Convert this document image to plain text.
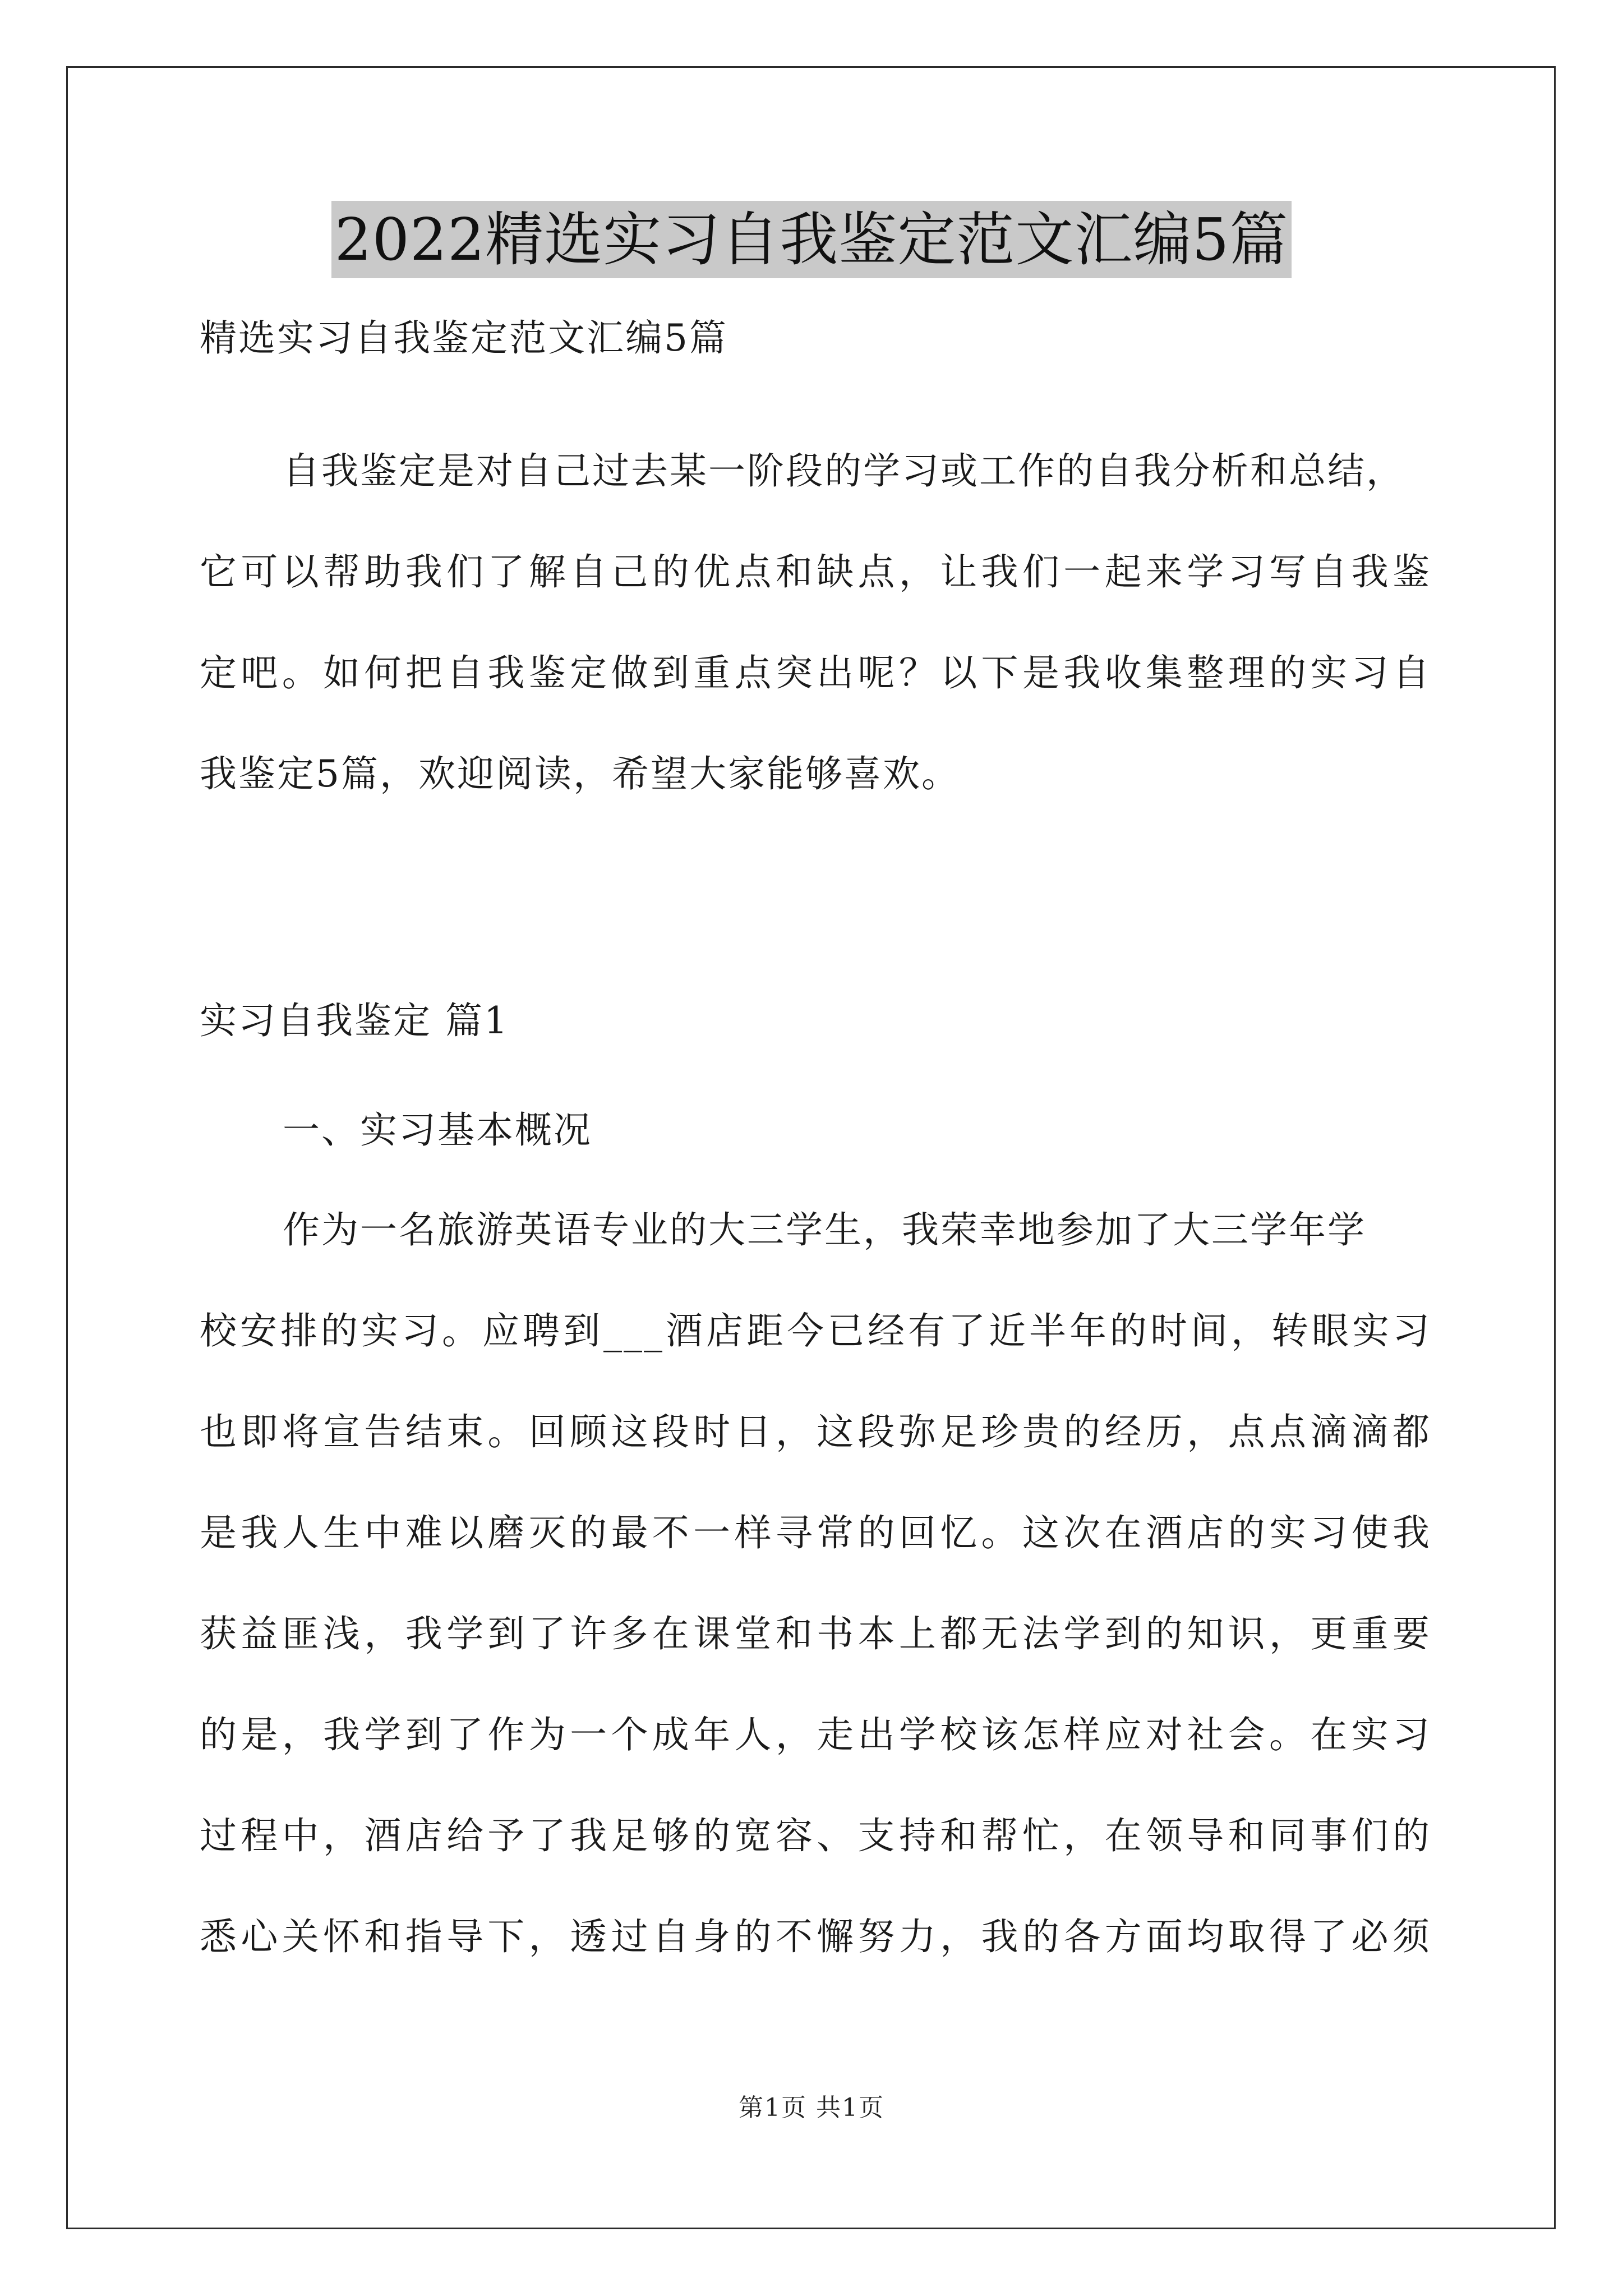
2022精选实习自我鉴定范文汇编5篇
精选实习自我鉴定范文汇编5篇
自我鉴定是对自己过去某一阶段的学习或工作的自我分析和总结，
它可以帮助我们了解自己的优点和缺点，让我们一起来学习写自我鉴
定吧。如何把自我鉴定做到重点突出呢？以下是我收集整理的实习自
我鉴定5篇，欢迎阅读，希望大家能够喜欢。
实习自我鉴定 篇1
一、实习基本概况
作为一名旅游英语专业的大三学生，我荣幸地参加了大三学年学
校安排的实习。应聘到___酒店距今已经有了近半年的时间，转眼实习
也即将宣告结束。回顾这段时日，这段弥足珍贵的经历，点点滴滴都
是我人生中难以磨灭的最不一样寻常的回忆。这次在酒店的实习使我
获益匪浅，我学到了许多在课堂和书本上都无法学到的知识，更重要
的是，我学到了作为一个成年人，走出学校该怎样应对社会。在实习
过程中，酒店给予了我足够的宽容、支持和帮忙，在领导和同事们的
悉心关怀和指导下，透过自身的不懈努力，我的各方面均取得了必须
第1页 共1页
